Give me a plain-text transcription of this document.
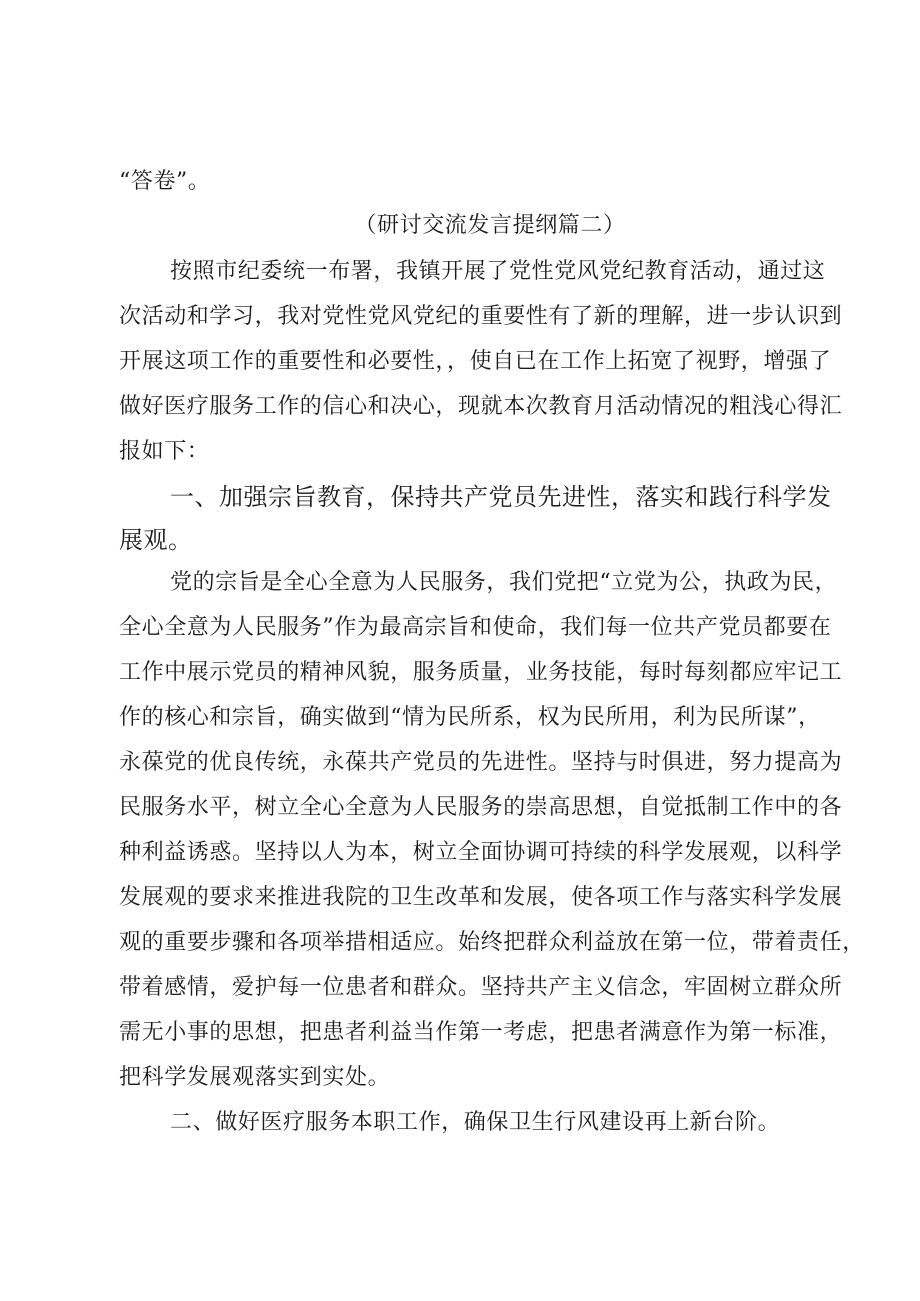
“答卷”。
（研讨交流发言提纲篇二）
按照市纪委统一布署，我镇开展了党性党风党纪教育活动，通过这
次活动和学习，我对党性党风党纪的重要性有了新的理解，进一步认识到
开展这项工作的重要性和必要性，，使自已在工作上拓宽了视野，增强了
做好医疗服务工作的信心和决心，现就本次教育月活动情况的粗浅心得汇
报如下：
一、加强宗旨教育，保持共产党员先进性，落实和践行科学发
展观。
党的宗旨是全心全意为人民服务，我们党把“立党为公，执政为民，
全心全意为人民服务”作为最高宗旨和使命，我们每一位共产党员都要在
工作中展示党员的精神风貌，服务质量，业务技能，每时每刻都应牢记工
作的核心和宗旨，确实做到“情为民所系，权为民所用，利为民所谋”，
永葆党的优良传统，永葆共产党员的先进性。坚持与时俱进，努力提高为
民服务水平，树立全心全意为人民服务的崇高思想，自觉抵制工作中的各
种利益诱惑。坚持以人为本，树立全面协调可持续的科学发展观，以科学
发展观的要求来推进我院的卫生改革和发展，使各项工作与落实科学发展
观的重要步骤和各项举措相适应。始终把群众利益放在第一位，带着责任，
带着感情，爱护每一位患者和群众。坚持共产主义信念，牢固树立群众所
需无小事的思想，把患者利益当作第一考虑，把患者满意作为第一标准，
把科学发展观落实到实处。
二、做好医疗服务本职工作，确保卫生行风建设再上新台阶。
